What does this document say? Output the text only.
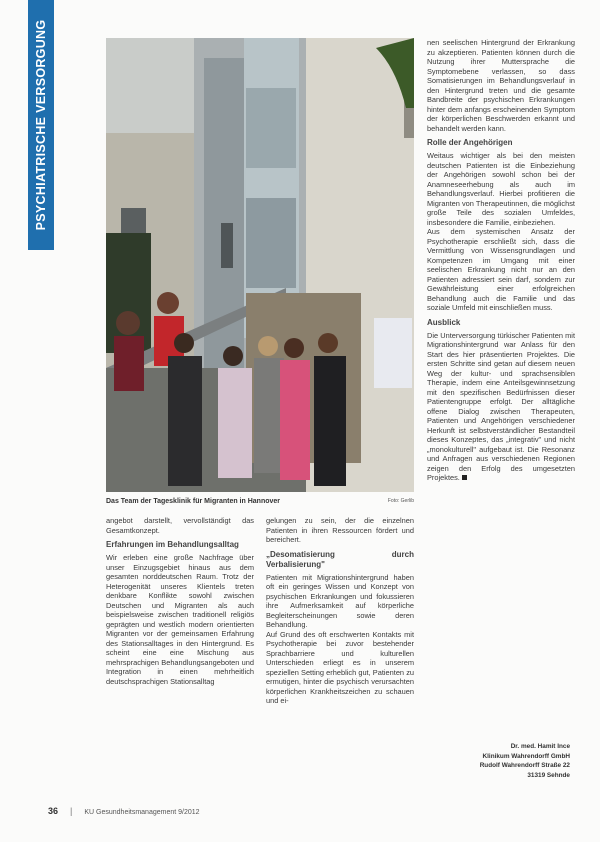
PSYCHIATRISCHE VERSORGUNG
Das Team der Tagesklinik für Migranten in Hannover	Foto: Gerlib

angebot darstellt, vervollständigt das Gesamtkonzept.

Erfahrungen im Behandlungsalltag

Wir erleben eine große Nachfrage über unser Einzugsgebiet hinaus aus dem gesamten norddeutschen Raum. Trotz der Heterogenität unseres Klientels treten denkbare Konflikte sowohl zwischen Deutschen und Migranten als auch beispielsweise zwischen traditionell religiös geprägten und westlich modern orientierten Migranten vor der gemeinsamen Erfahrung des Stationsalltages in den Hintergrund. Es scheint eine eine Mischung aus mehrsprachigen Behandlungsangeboten und Integration in einen mehrheitlich deutschsprachigen Stationsalltag

gelungen zu sein, der die einzelnen Patienten in ihren Ressourcen fördert und bereichert.

„Desomatisierung durch Verbalisierung"

Patienten mit Migrationshintergrund haben oft ein geringes Wissen und Konzept von psychischen Erkrankungen und fokussieren ihre Aufmerksamkeit auf körperliche Begleiterscheinungen sowie deren Behandlung.

Auf Grund des oft erschwerten Kontakts mit Psychotherapie bei zuvor bestehender Sprachbarriere und kulturellen Unterschieden erliegt es in unserem speziellen Setting erheblich gut, Patienten zu ermutigen, hinter die psychisch verursachten körperlichen Krankheitszeichen zu schauen und ei-

nen seelischen Hintergrund der Erkrankung zu akzeptieren. Patienten können durch die Nutzung ihrer Muttersprache die Symptomebene verlassen, so dass Somatisierungen im Behandlungsverlauf in den Hintergrund treten und die gesamte Bandbreite der psychischen Erkrankungen hinter dem anfangs erscheinenden Symptom der körperlichen Beschwerden erkannt und behandelt werden kann.

Rolle der Angehörigen

Weitaus wichtiger als bei den meisten deutschen Patienten ist die Einbeziehung der Angehörigen sowohl schon bei der Anamneseerhebung als auch im Behandlungsverlauf. Hierbei profitieren die Migranten von Therapeutinnen, die möglichst große Teile des sozialen Umfeldes, insbesondere die Familie, einbeziehen.

Aus dem systemischen Ansatz der Psychotherapie erschließt sich, dass die Vermittlung von Wissensgrundlagen und Kompetenzen im Umgang mit einer seelischen Erkrankung nicht nur an den Patienten adressiert sein darf, sondern zur Gewährleistung einer erfolgreichen Behandlung auch die Familie und das soziale Umfeld mit einschließen muss.

Ausblick

Die Unterversorgung türkischer Patienten mit Migrationshintergrund war Anlass für den Start des hier präsentierten Projektes. Die ersten Schritte sind getan auf diesem neuen Weg der kultur- und sprachsensiblen Therapie, indem eine Anteilsgewinnsetzung mit den spezifischen Bedürfnissen dieser Patientengruppe erfolgt. Der alltägliche offene Dialog zwischen Therapeuten, Patienten und Angehörigen verschiedener Herkunft ist selbstverständlicher Bestandteil dieses Konzeptes, das „integrativ" und nicht „monokulturell" aufgebaut ist. Die Resonanz und Anfragen aus verschiedenen Regionen zeigen den Erfolg des umgesetzten Projektes.

Dr. med. Hamit Ince
Klinikum Wahrendorff GmbH
Rudolf Wahrendorff Straße 22
31319 Sehnde
36 | KU Gesundheitsmanagement 9/2012
